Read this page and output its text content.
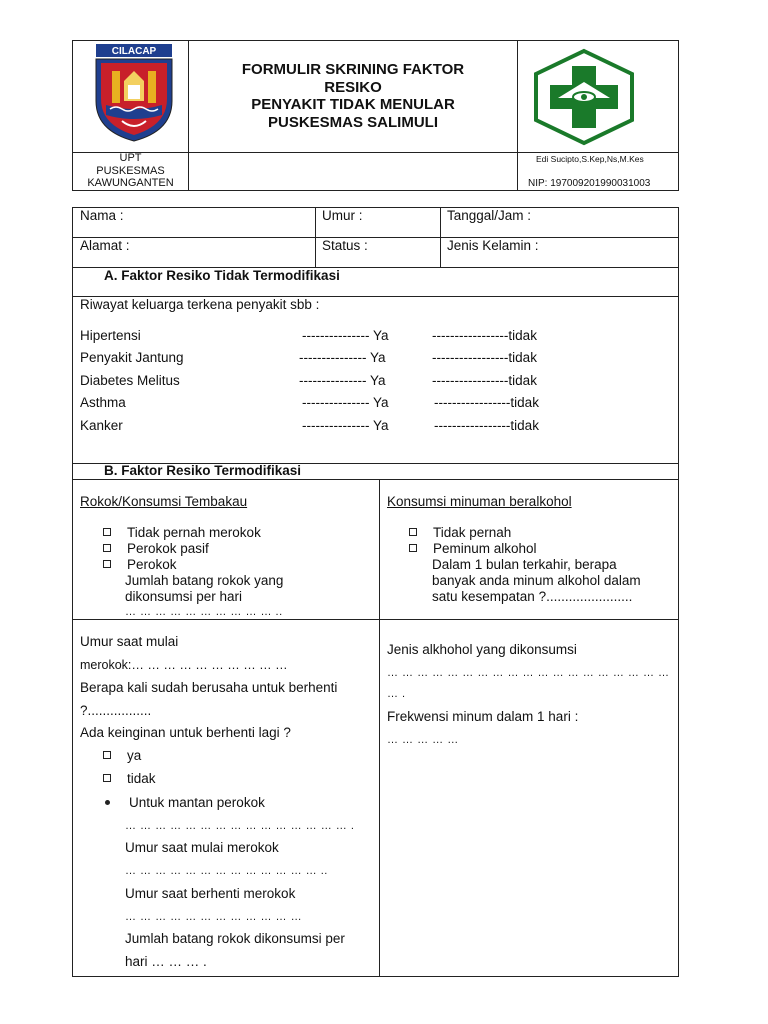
CILACAP
FORMULIR SKRINING FAKTOR
RESIKO
PENYAKIT TIDAK MENULAR
PUSKESMAS SALIMULI
UPT
PUSKESMAS
KAWUNGANTEN
Edi Sucipto,S.Kep,Ns,M.Kes
NIP: 197009201990031003
Nama :	Umur :	Tanggal/Jam :
Alamat :	Status :	Jenis Kelamin :
A. Faktor Resiko Tidak Termodifikasi
Riwayat keluarga terkena penyakit sbb :
Hipertensi	--------------- Ya	-----------------tidak
Penyakit Jantung	--------------- Ya	-----------------tidak
Diabetes Melitus	--------------- Ya	-----------------tidak
Asthma	--------------- Ya	-----------------tidak
Kanker	--------------- Ya	-----------------tidak
B. Faktor Resiko Termodifikasi
Rokok/Konsumsi Tembakau
Tidak pernah merokok
Perokok pasif
Perokok
Jumlah batang rokok yang
dikonsumsi per hari
… … … … … … … … … … ..
Konsumsi minuman beralkohol
Tidak pernah
Peminum alkohol
Dalam 1 bulan terkahir, berapa
banyak anda minum alkohol dalam
satu kesempatan ?.......................
Umur saat mulai
merokok:… … … … … … … … … …
Berapa kali sudah berusaha untuk berhenti
?.................
Ada keinginan untuk berhenti lagi ?
ya
tidak
Untuk mantan perokok
… … … … … … … … … … … … … … … .
Umur saat mulai merokok
… … … … … … … … … … … … … ..
Umur saat berhenti merokok
… … … … … … … … … … … …
Jumlah batang rokok dikonsumsi per
hari … … … .
Jenis alkhohol yang dikonsumsi
… … … … … … … … … … … … … … … … … … …
… .
Frekwensi minum dalam 1 hari :
… … … … …
